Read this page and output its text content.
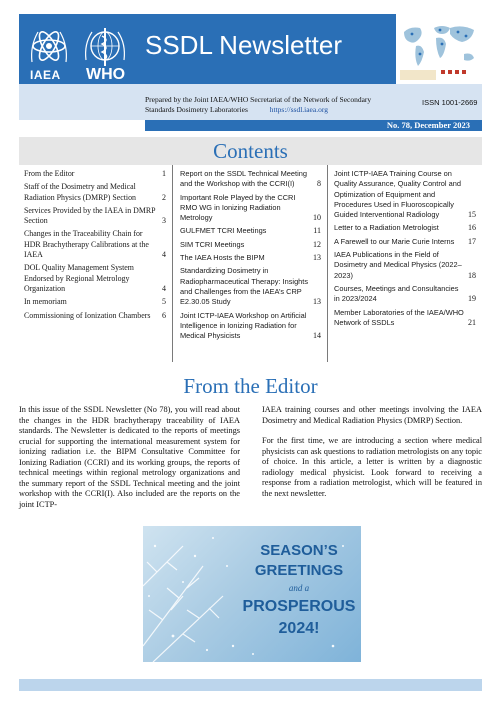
IAEA WHO
SSDL Newsletter
Prepared by the Joint IAEA/WHO Secretariat of the Network of Secondary Standards Dosimetry Laboratories	https://ssdl.iaea.org
ISSN 1001-2669
No. 78, December 2023
Contents
From the Editor	1
Staff of the Dosimetry and Medical Radiation Physics (DMRP) Section	2
Services Provided by the IAEA in DMRP Section	3
Changes in the Traceability Chain for HDR Brachytherapy Calibrations at the IAEA	4
DOL Quality Management System Endorsed by Regional Metrology Organization	4
In memoriam	5
Commissioning of Ionization Chambers	6
Report on the SSDL Technical Meeting and the Workshop with the CCRI(I)	8
Important Role Played by the CCRI RMO WG in Ionizing Radiation Metrology	10
GULFMET TCRI Meetings	11
SIM TCRI Meetings	12
The IAEA Hosts the BIPM	13
Standardizing Dosimetry in Radiopharmaceutical Therapy: Insights and Challenges from the IAEA’s CRP E2.30.05 Study	13
Joint ICTP-IAEA Workshop on Artificial Intelligence in Ionizing Radiation for Medical Physicists	14
Joint ICTP-IAEA Training Course on Quality Assurance, Quality Control and Optimization of Equipment and Procedures Used in Fluoroscopically Guided Interventional Radiology	15
Letter to a Radiation Metrologist	16
A Farewell to our Marie Curie Interns	17
IAEA Publications in the Field of Dosimetry and Medical Physics (2022–2023)	18
Courses, Meetings and Consultancies in 2023/2024	19
Member Laboratories of the IAEA/WHO Network of SSDLs	21
From the Editor

In this issue of the SSDL Newsletter (No 78), you will read about the changes in the HDR brachytherapy traceability of IAEA standards. The Newsletter is dedicated to the reports of meetings crucial for supporting the international measurement system for ionizing radiation i.e. the BIPM Consultative Committee for Ionizing Radiation (CCRI) and its working groups, the reports of technical meetings within regional metrology organizations and the summary report of the SSDL Technical meeting and the joint workshop with the CCRI(I). Also included are the reports on the joint ICTP-

IAEA training courses and other meetings involving the IAEA Dosimetry and Medical Radiation Physics (DMRP) Section.

For the first time, we are introducing a section where medical physicists can ask questions to radiation metrologists on any topic of choice. In this article, a letter is written by a diagnostic radiology medical physicist. Look forward to receiving a response from a radiation metrologist, which will be featured in the next newsletter.

SEASON’S
GREETINGS
and a
PROSPEROUS
2024!
